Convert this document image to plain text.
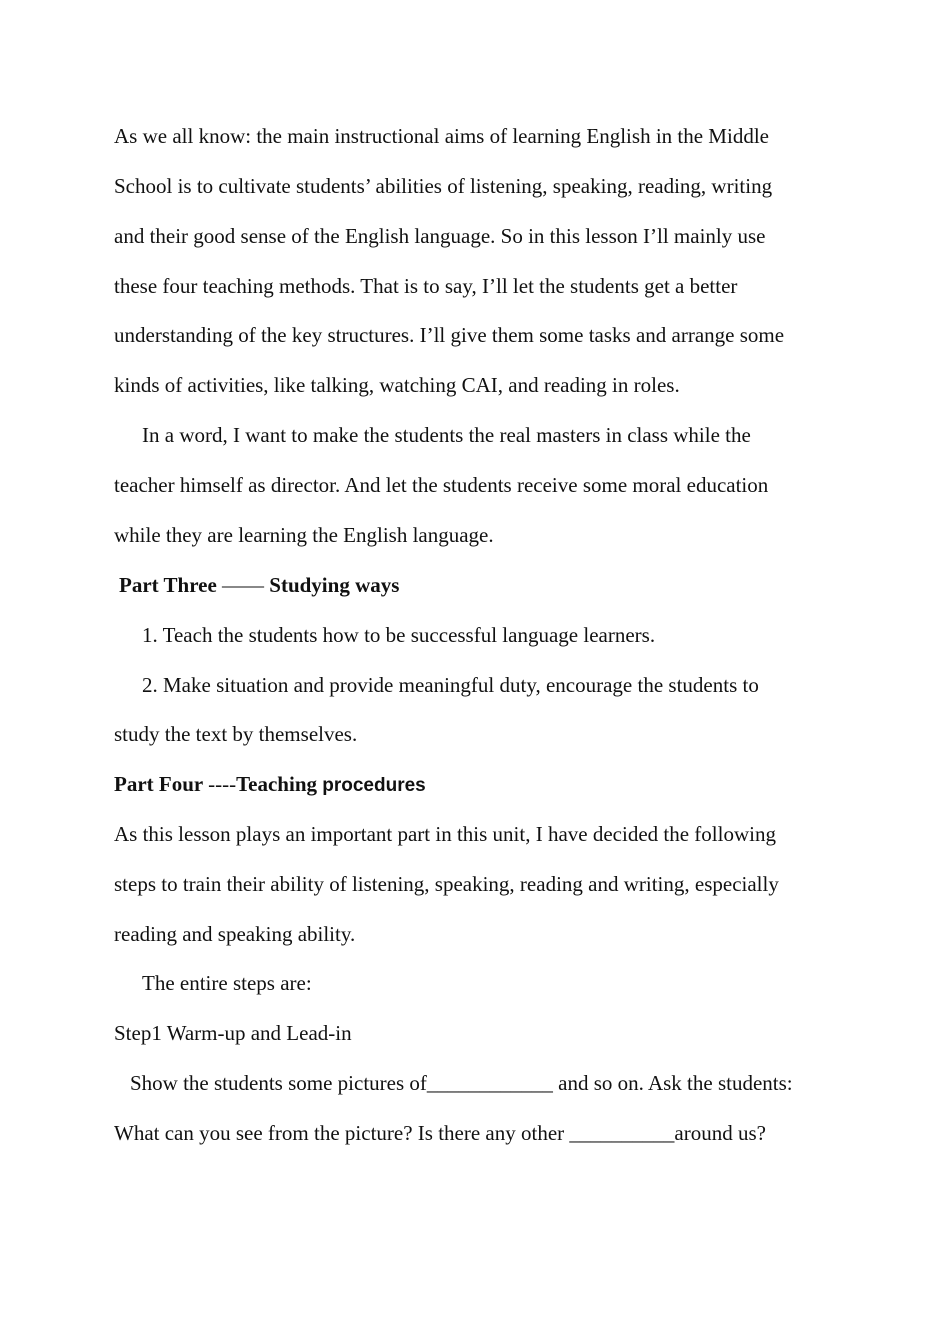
As we all know: the main instructional aims of learning English in the Middle

School is to cultivate students’ abilities of listening, speaking, reading, writing

and their good sense of the English language. So in this lesson I’ll mainly use

these four teaching methods. That is to say, I’ll let the students get a better

understanding of the key structures. I’ll give them some tasks and arrange some

kinds of activities, like talking, watching CAI, and reading in roles.

In a word, I want to make the students the real masters in class while the

teacher himself as director. And let the students receive some moral education

while they are learning the English language.

Part Three —— Studying ways

1. Teach the students how to be successful language learners.

2. Make situation and provide meaningful duty, encourage the students to

study the text by themselves.

Part Four ----Teaching procedures

As this lesson plays an important part in this unit, I have decided the following

steps to train their ability of listening, speaking, reading and writing, especially

reading and speaking ability.

The entire steps are:

Step1 Warm-up and Lead-in

Show the students some pictures of____________ and so on. Ask the students:

What can you see from the picture? Is there any other __________around us?
